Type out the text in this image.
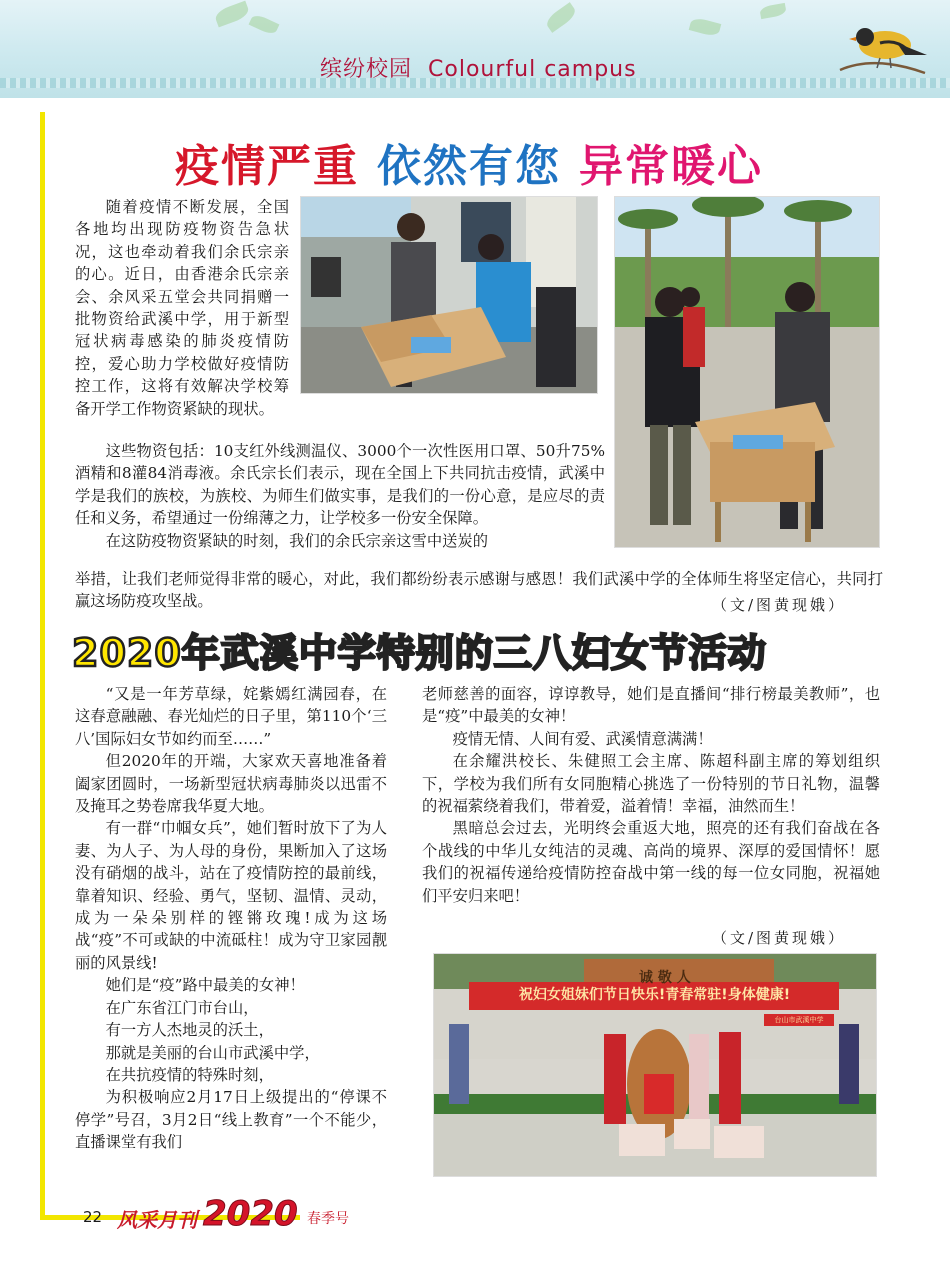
缤纷校园 Colourful campus
疫情严重 依然有您 异常暖心

随着疫情不断发展，全国各地均出现防疫物资告急状况，这也牵动着我们余氏宗亲的心。近日，由香港余氏宗亲会、余风采五堂会共同捐赠一批物资给武溪中学，用于新型冠状病毒感染的肺炎疫情防控，爱心助力学校做好疫情防控工作，这将有效解决学校筹备开学工作物资紧缺的现状。

这些物资包括：10支红外线测温仪、3000个一次性医用口罩、50升75%酒精和8灌84消毒液。余氏宗长们表示，现在全国上下共同抗击疫情，武溪中学是我们的族校，为族校、为师生们做实事，是我们的一份心意，是应尽的责任和义务，希望通过一份绵薄之力，让学校多一份安全保障。

在这防疫物资紧缺的时刻，我们的余氏宗亲这雪中送炭的

举措，让我们老师觉得非常的暖心，对此，我们都纷纷表示感谢与感恩！我们武溪中学的全体师生将坚定信心，共同打赢这场防疫攻坚战。	（文/图黄现娥）
2020年武溪中学特别的三八妇女节活动

“又是一年芳草绿，姹紫嫣红满园春，在这春意融融、春光灿烂的日子里，第110个‘三八’国际妇女节如约而至……”

但2020年的开端，大家欢天喜地准备着阖家团圆时，一场新型冠状病毒肺炎以迅雷不及掩耳之势卷席我华夏大地。

有一群“巾帼女兵”，她们暂时放下了为人妻、为人子、为人母的身份，果断加入了这场没有硝烟的战斗，站在了疫情防控的最前线，靠着知识、经验、勇气，坚韧、温情、灵动，成为一朵朵别样的铿锵玫瑰!成为这场战“疫”不可或缺的中流砥柱！成为守卫家园靓丽的风景线!

她们是“疫”路中最美的女神！

在广东省江门市台山，

有一方人杰地灵的沃土，

那就是美丽的台山市武溪中学，

在共抗疫情的特殊时刻，

为积极响应2月17日上级提出的“停课不停学”号召，3月2日“线上教育”一个不能少，直播课堂有我们

老师慈善的面容，谆谆教导，她们是直播间“排行榜最美教师”，也是“疫”中最美的女神！

疫情无情、人间有爱、武溪情意满满！

在余耀洪校长、朱健照工会主席、陈超科副主席的筹划组织下，学校为我们所有女同胞精心挑选了一份特别的节日礼物，温馨的祝福萦绕着我们，带着爱，溢着情！幸福，油然而生！

黑暗总会过去，光明终会重返大地，照亮的还有我们奋战在各个战线的中华儿女纯洁的灵魂、高尚的境界、深厚的爱国情怀！愿我们的祝福传递给疫情防控奋战中第一线的每一位女同胞，祝福她们平安归来吧！

（文/图黄现娥）
祝妇女姐妹们节日快乐!青春常驻!身体健康!
台山市武溪中学
诚 敬 人
22 风采月刊 2020 春季号
